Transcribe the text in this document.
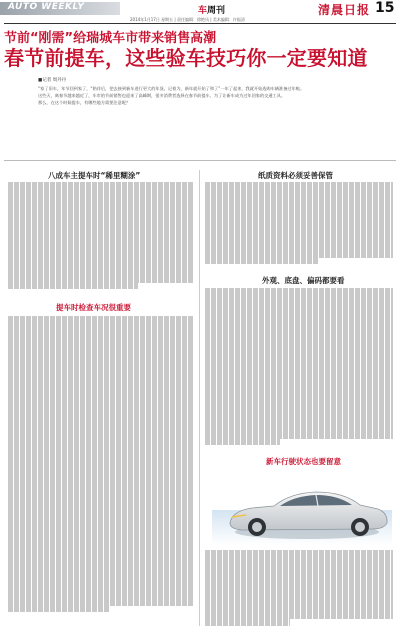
AUTO WEEKLY	车周刊	清晨日报 15
2014年1月17日 星期五 | 责任编辑：徐艳凤 | 美术编辑：许振清
节前“刚需”给瑞城车市带来销售高潮
春节前提车，这些验车技巧你一定要知道
■记者 周丹丹
“家了旧车，年节回到家了，“陪伴后，把去接到新车进行更大的年货。记着为，新年就开始了和了”一年了起来，我就开始选购车辆准备过年啦。
这些天，离春节越来越近了，车市的节前销售也迎来了高峰期，很多消费者选择在春节前提车，为了让新车成为过年回家的交通工具。
那么，在这个时候提车，有哪些地方需要注意呢？
八成车主提车时“稀里糊涂”
提车时检查车况很重要
纸质资料必须妥善保管
外观、底盘、偏码都要看
新车行驶状态也要留意
